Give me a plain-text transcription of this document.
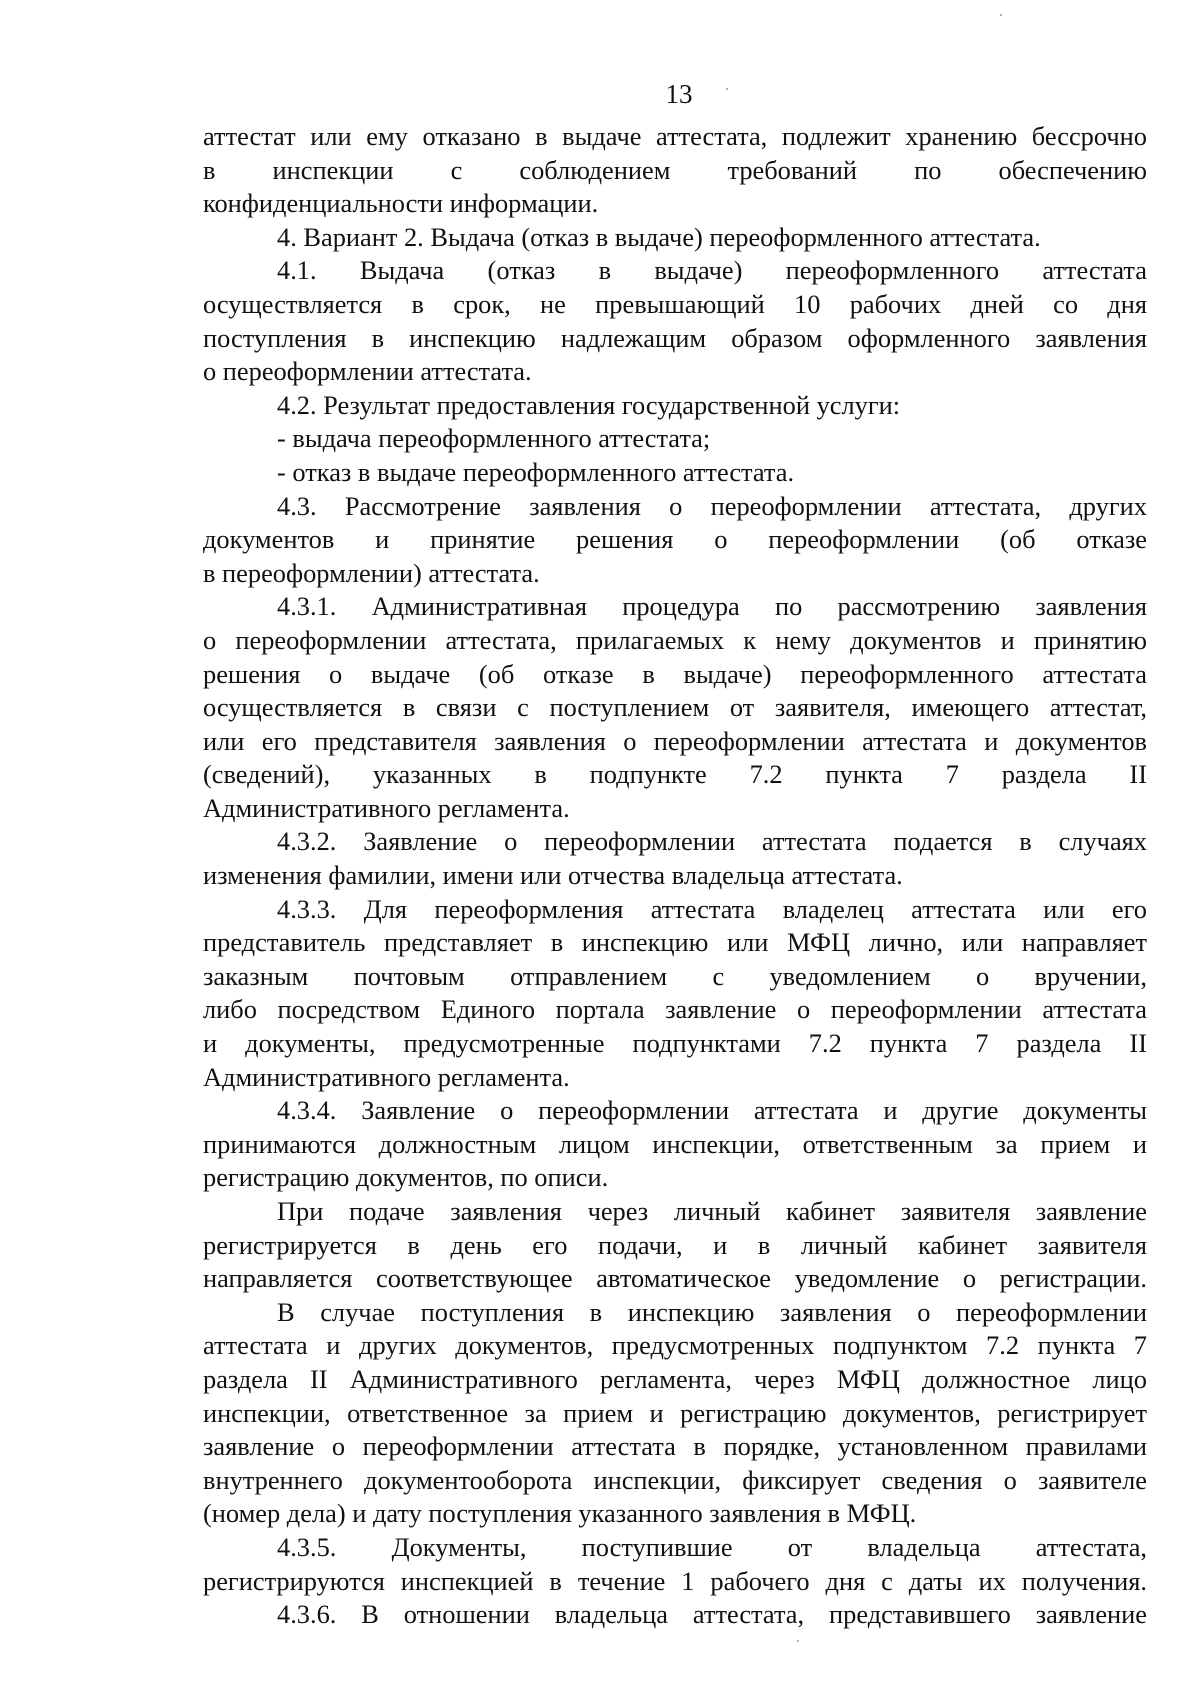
13
аттестат или ему отказано в выдаче аттестата, подлежит хранению бессрочно
в инспекции с соблюдением требований по обеспечению
конфиденциальности информации.
4. Вариант 2. Выдача (отказ в выдаче) переоформленного аттестата.
4.1. Выдача (отказ в выдаче) переоформленного аттестата
осуществляется в срок, не превышающий 10 рабочих дней со дня
поступления в инспекцию надлежащим образом оформленного заявления
о переоформлении аттестата.
4.2. Результат предоставления государственной услуги:
- выдача переоформленного аттестата;
- отказ в выдаче переоформленного аттестата.
4.3. Рассмотрение заявления о переоформлении аттестата, других
документов и принятие решения о переоформлении (об отказе
в переоформлении) аттестата.
4.3.1. Административная процедура по рассмотрению заявления
о переоформлении аттестата, прилагаемых к нему документов и принятию
решения о выдаче (об отказе в выдаче) переоформленного аттестата
осуществляется в связи с поступлением от заявителя, имеющего аттестат,
или его представителя заявления о переоформлении аттестата и документов
(сведений), указанных в подпункте 7.2 пункта 7 раздела II
Административного регламента.
4.3.2. Заявление о переоформлении аттестата подается в случаях
изменения фамилии, имени или отчества владельца аттестата.
4.3.3. Для переоформления аттестата владелец аттестата или его
представитель представляет в инспекцию или МФЦ лично, или направляет
заказным почтовым отправлением с уведомлением о вручении,
либо посредством Единого портала заявление о переоформлении аттестата
и документы, предусмотренные подпунктами 7.2 пункта 7 раздела II
Административного регламента.
4.3.4. Заявление о переоформлении аттестата и другие документы
принимаются должностным лицом инспекции, ответственным за прием и
регистрацию документов, по описи.
При подаче заявления через личный кабинет заявителя заявление
регистрируется в день его подачи, и в личный кабинет заявителя
направляется соответствующее автоматическое уведомление о регистрации.
В случае поступления в инспекцию заявления о переоформлении
аттестата и других документов, предусмотренных подпунктом 7.2 пункта 7
раздела II Административного регламента, через МФЦ должностное лицо
инспекции, ответственное за прием и регистрацию документов, регистрирует
заявление о переоформлении аттестата в порядке, установленном правилами
внутреннего документооборота инспекции, фиксирует сведения о заявителе
(номер дела) и дату поступления указанного заявления в МФЦ.
4.3.5. Документы, поступившие от владельца аттестата,
регистрируются инспекцией в течение 1 рабочего дня с даты их получения.
4.3.6. В отношении владельца аттестата, представившего заявление
